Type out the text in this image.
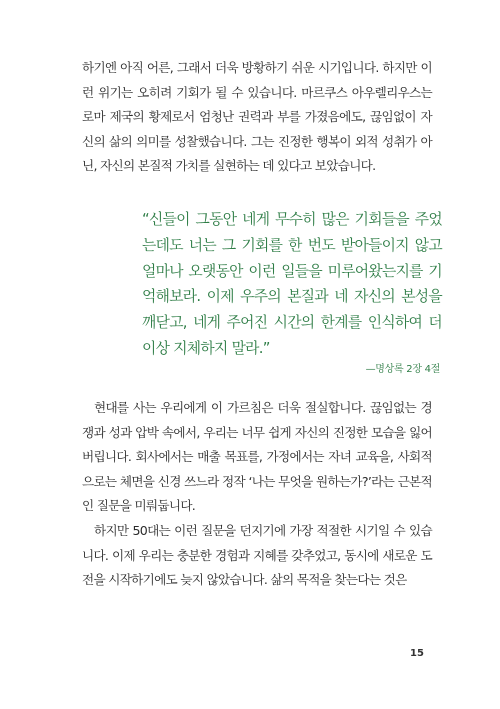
하기엔 아직 어른, 그래서 더욱 방황하기 쉬운 시기입니다. 하지만 이런 위기는 오히려 기회가 될 수 있습니다. 마르쿠스 아우렐리우스는 로마 제국의 황제로서 엄청난 권력과 부를 가졌음에도, 끊임없이 자신의 삶의 의미를 성찰했습니다. 그는 진정한 행복이 외적 성취가 아닌, 자신의 본질적 가치를 실현하는 데 있다고 보았습니다.

“신들이 그동안 네게 무수히 많은 기회들을 주었는데도 너는 그 기회를 한 번도 받아들이지 않고 얼마나 오랫동안 이런 일들을 미루어왔는지를 기억해보라. 이제 우주의 본질과 네 자신의 본성을 깨닫고, 네게 주어진 시간의 한계를 인식하여 더 이상 지체하지 말라.”

—명상록 2장 4절

현대를 사는 우리에게 이 가르침은 더욱 절실합니다. 끊임없는 경쟁과 성과 압박 속에서, 우리는 너무 쉽게 자신의 진정한 모습을 잃어버립니다. 회사에서는 매출 목표를, 가정에서는 자녀 교육을, 사회적으로는 체면을 신경 쓰느라 정작 ‘나는 무엇을 원하는가?’라는 근본적인 질문을 미뤄둡니다.

하지만 50대는 이런 질문을 던지기에 가장 적절한 시기일 수 있습니다. 이제 우리는 충분한 경험과 지혜를 갖추었고, 동시에 새로운 도전을 시작하기에도 늦지 않았습니다. 삶의 목적을 찾는다는 것은

15
